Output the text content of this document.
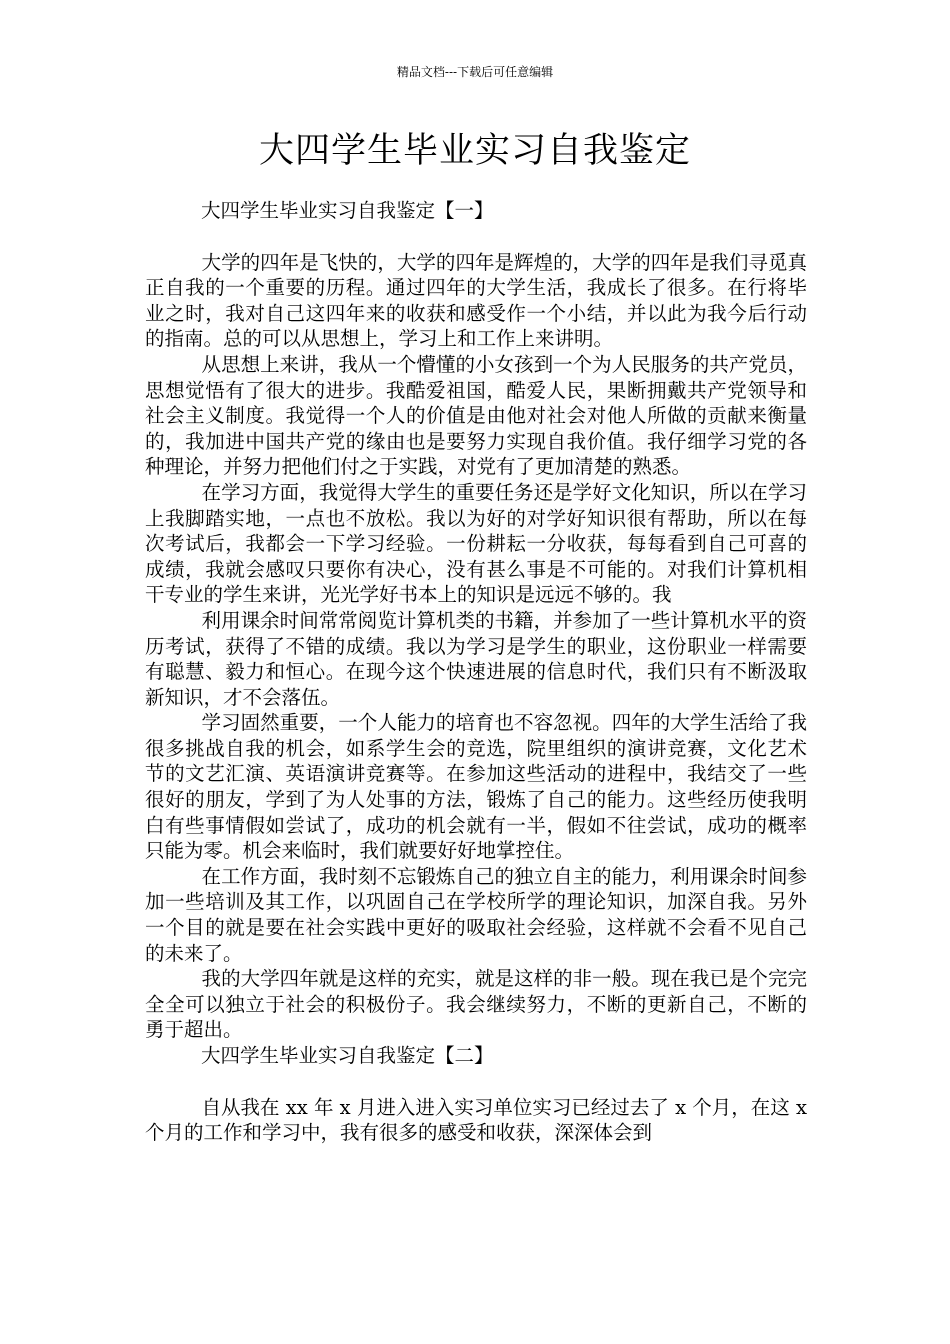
精品文档---下载后可任意编辑
大四学生毕业实习自我鉴定
大四学生毕业实习自我鉴定【一】

大学的四年是飞快的，大学的四年是辉煌的，大学的四年是我们寻觅真正自我的一个重要的历程。通过四年的大学生活，我成长了很多。在行将毕业之时，我对自己这四年来的收获和感受作一个小结，并以此为我今后行动的指南。总的可以从思想上，学习上和工作上来讲明。

从思想上来讲，我从一个懵懂的小女孩到一个为人民服务的共产党员，思想觉悟有了很大的进步。我酷爱祖国，酷爱人民，果断拥戴共产党领导和社会主义制度。我觉得一个人的价值是由他对社会对他人所做的贡献来衡量的，我加进中国共产党的缘由也是要努力实现自我价值。我仔细学习党的各种理论，并努力把他们付之于实践，对党有了更加清楚的熟悉。

在学习方面，我觉得大学生的重要任务还是学好文化知识，所以在学习上我脚踏实地，一点也不放松。我以为好的对学好知识很有帮助，所以在每次考试后，我都会一下学习经验。一份耕耘一分收获，每每看到自己可喜的成绩，我就会感叹只要你有决心，没有甚么事是不可能的。对我们计算机相干专业的学生来讲，光光学好书本上的知识是远远不够的。我

利用课余时间常常阅览计算机类的书籍，并参加了一些计算机水平的资历考试，获得了不错的成绩。我以为学习是学生的职业，这份职业一样需要有聪慧、毅力和恒心。在现今这个快速进展的信息时代，我们只有不断汲取新知识，才不会落伍。

学习固然重要，一个人能力的培育也不容忽视。四年的大学生活给了我很多挑战自我的机会，如系学生会的竞选，院里组织的演讲竞赛，文化艺术节的文艺汇演、英语演讲竞赛等。在参加这些活动的进程中，我结交了一些很好的朋友，学到了为人处事的方法，锻炼了自己的能力。这些经历使我明白有些事情假如尝试了，成功的机会就有一半，假如不往尝试，成功的概率只能为零。机会来临时，我们就要好好地掌控住。

在工作方面，我时刻不忘锻炼自己的独立自主的能力，利用课余时间参加一些培训及其工作，以巩固自己在学校所学的理论知识，加深自我。另外一个目的就是要在社会实践中更好的吸取社会经验，这样就不会看不见自己的未来了。

我的大学四年就是这样的充实，就是这样的非一般。现在我已是个完完全全可以独立于社会的积极份子。我会继续努力，不断的更新自己，不断的勇于超出。

大四学生毕业实习自我鉴定【二】

自从我在 xx 年 x 月进入进入实习单位实习已经过去了 x 个月，在这 x 个月的工作和学习中，我有很多的感受和收获，深深体会到
